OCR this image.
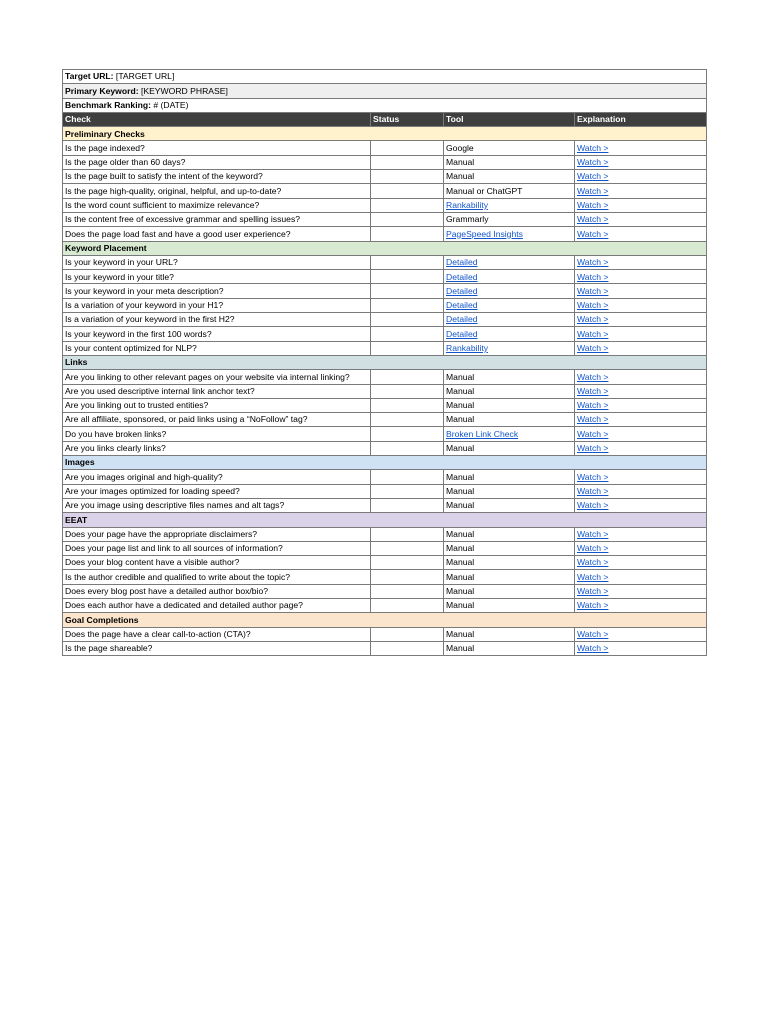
Target URL: [TARGET URL]			
Primary Keyword: [KEYWORD PHRASE]			
Benchmark Ranking: # (DATE)			
Check	Status	Tool	Explanation
Preliminary Checks			
Is the page indexed?		Google	Watch >
Is the page older than 60 days?		Manual	Watch >
Is the page built to satisfy the intent of the keyword?		Manual	Watch >
Is the page high-quality, original, helpful, and up-to-date?		Manual or ChatGPT	Watch >
Is the word count sufficient to maximize relevance?		Rankability	Watch >
Is the content free of excessive grammar and spelling issues?		Grammarly	Watch >
Does the page load fast and have a good user experience?		PageSpeed Insights	Watch >
Keyword Placement			
Is your keyword in your URL?		Detailed	Watch >
Is your keyword in your title?		Detailed	Watch >
Is your keyword in your meta description?		Detailed	Watch >
Is a variation of your keyword in your H1?		Detailed	Watch >
Is a variation of your keyword in the first H2?		Detailed	Watch >
Is your keyword in the first 100 words?		Detailed	Watch >
Is your content optimized for NLP?		Rankability	Watch >
Links			
Are you linking to other relevant pages on your website via internal linking?		Manual	Watch >
Are you used descriptive internal link anchor text?		Manual	Watch >
Are you linking out to trusted entities?		Manual	Watch >
Are all affiliate, sponsored, or paid links using a “NoFollow” tag?		Manual	Watch >
Do you have broken links?		Broken Link Check	Watch >
Are you links clearly links?		Manual	Watch >
Images			
Are you images original and high-quality?		Manual	Watch >
Are your images optimized for loading speed?		Manual	Watch >
Are you image using descriptive files names and alt tags?		Manual	Watch >
EEAT			
Does your page have the appropriate disclaimers?		Manual	Watch >
Does your page list and link to all sources of information?		Manual	Watch >
Does your blog content have a visible author?		Manual	Watch >
Is the author credible and qualified to write about the topic?		Manual	Watch >
Does every blog post have a detailed author box/bio?		Manual	Watch >
Does each author have a dedicated and detailed author page?		Manual	Watch >
Goal Completions			
Does the page have a clear call-to-action (CTA)?		Manual	Watch >
Is the page shareable?		Manual	Watch >
